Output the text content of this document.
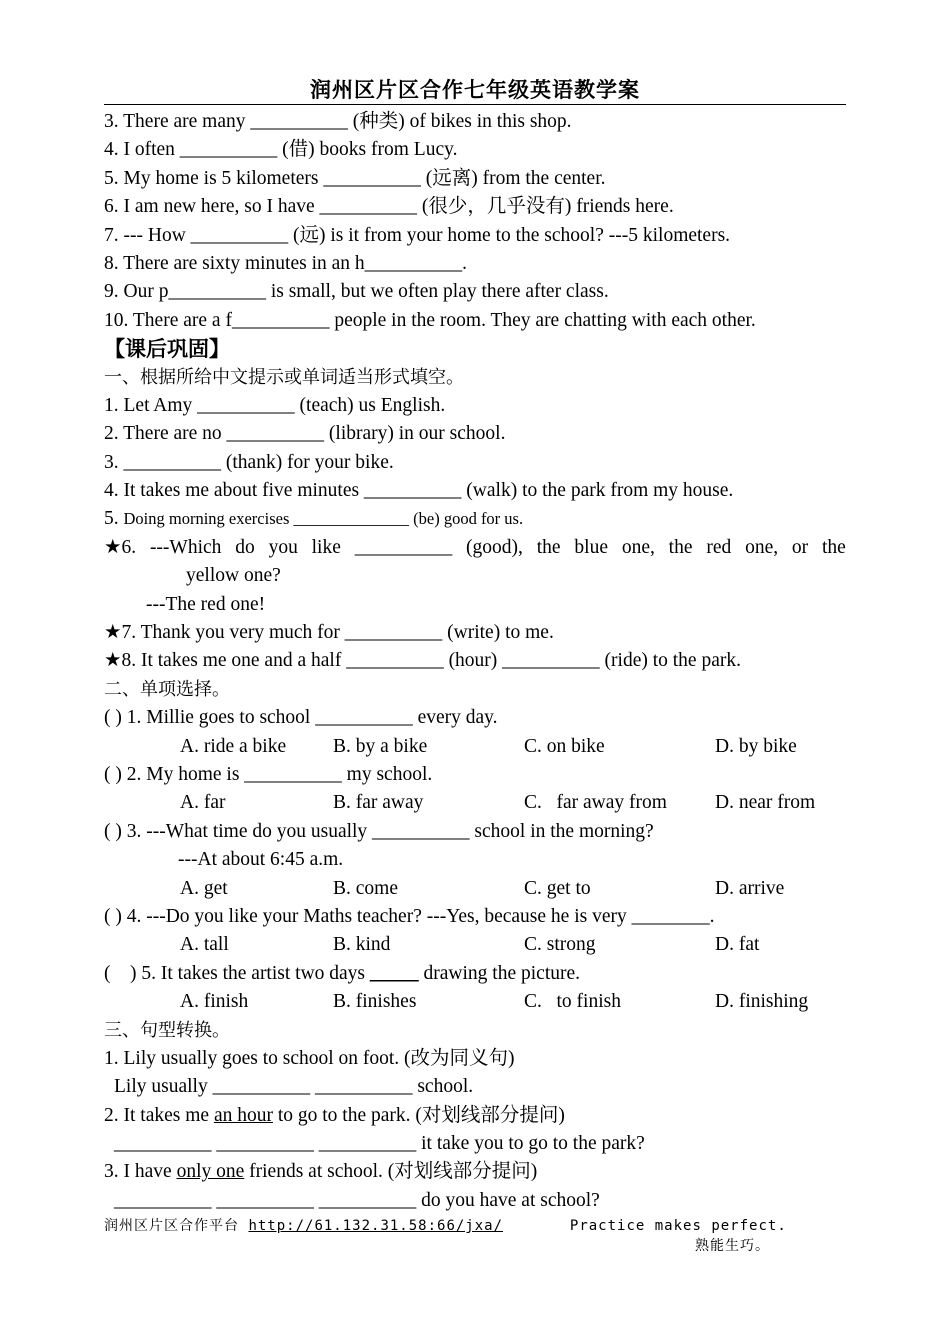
润州区片区合作七年级英语教学案
3. There are many __________ (种类) of bikes in this shop.
4. I often __________ (借) books from Lucy.
5. My home is 5 kilometers __________ (远离) from the center.
6. I am new here, so I have __________ (很少，几乎没有) friends here.
7. --- How __________ (远) is it from your home to the school? ---5 kilometers.
8. There are sixty minutes in an h__________.
9. Our p__________ is small, but we often play there after class.
10. There are a f__________ people in the room. They are chatting with each other.
【课后巩固】
一、根据所给中文提示或单词适当形式填空。
1. Let Amy __________ (teach) us English.
2. There are no __________ (library) in our school.
3. __________ (thank) for your bike.
4. It takes me about five minutes __________ (walk) to the park from my house.
5. Doing morning exercises ______________ (be) good for us.
★6. ---Which do you like __________ (good), the blue one, the red one, or the
yellow one?
---The red one!
★7. Thank you very much for __________ (write) to me.
★8. It takes me one and a half __________ (hour) __________ (ride) to the park.
二、单项选择。
( ) 1. Millie goes to school __________ every day.
A. ride a bike B. by a bike	C. on bike	D. by bike
( ) 2. My home is __________ my school.
A. far	B. far away	C.   far away from D. near from
( ) 3. ---What time do you usually __________ school in the morning?
---At about 6:45 a.m.
A. get	B. come	C. get to	D. arrive
( ) 4. ---Do you like your Maths teacher? ---Yes, because he is very ________.
A. tall	B. kind	C. strong	D. fat
(    ) 5. It takes the artist two days _____ drawing the picture.
A. finish	B. finishes	C.   to finish	D. finishing
三、句型转换。
1. Lily usually goes to school on foot. (改为同义句)
Lily usually __________ __________ school.
2. It takes me an hour to go to the park. (对划线部分提问)
__________ __________ __________ it take you to go to the park?
3. I have only one friends at school. (对划线部分提问)
__________ __________ __________ do you have at school?
润州区片区合作平台 http://61.132.31.58:66/jxa/	Practice makes perfect.
熟能生巧。
